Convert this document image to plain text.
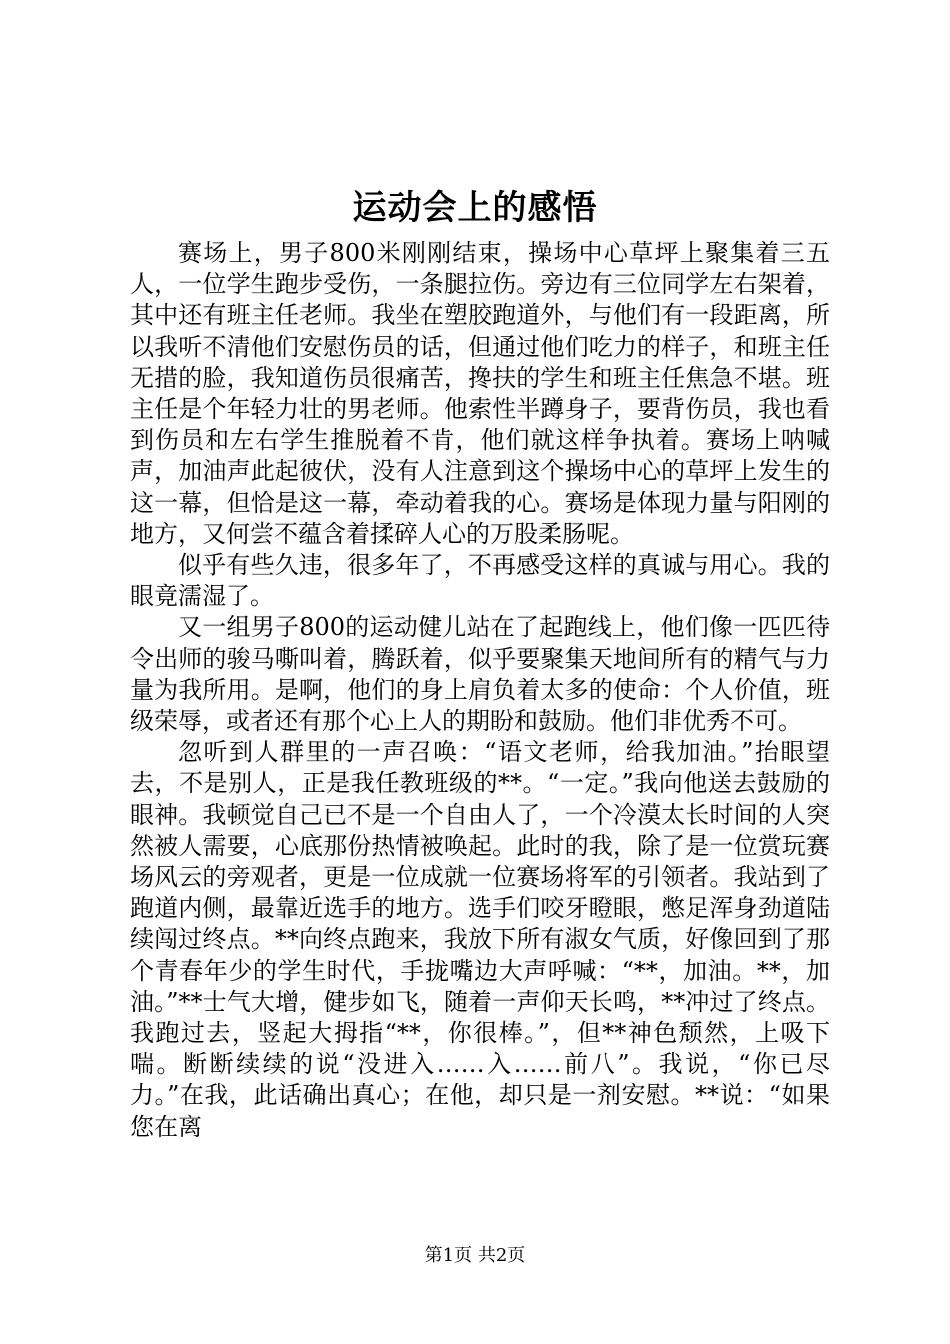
运动会上的感悟

赛场上，男子800米刚刚结束，操场中心草坪上聚集着三五人，一位学生跑步受伤，一条腿拉伤。旁边有三位同学左右架着，其中还有班主任老师。我坐在塑胶跑道外，与他们有一段距离，所以我听不清他们安慰伤员的话，但通过他们吃力的样子，和班主任无措的脸，我知道伤员很痛苦，搀扶的学生和班主任焦急不堪。班主任是个年轻力壮的男老师。他索性半蹲身子，要背伤员，我也看到伤员和左右学生推脱着不肯，他们就这样争执着。赛场上呐喊声，加油声此起彼伏，没有人注意到这个操场中心的草坪上发生的这一幕，但恰是这一幕，牵动着我的心。赛场是体现力量与阳刚的地方，又何尝不蕴含着揉碎人心的万股柔肠呢。

似乎有些久违，很多年了，不再感受这样的真诚与用心。我的眼竟濡湿了。

又一组男子800的运动健儿站在了起跑线上，他们像一匹匹待令出师的骏马嘶叫着，腾跃着，似乎要聚集天地间所有的精气与力量为我所用。是啊，他们的身上肩负着太多的使命：个人价值，班级荣辱，或者还有那个心上人的期盼和鼓励。他们非优秀不可。

忽听到人群里的一声召唤：“语文老师，给我加油。”抬眼望去，不是别人，正是我任教班级的**。“一定。”我向他送去鼓励的眼神。我顿觉自己已不是一个自由人了，一个冷漠太长时间的人突然被人需要，心底那份热情被唤起。此时的我，除了是一位赏玩赛场风云的旁观者，更是一位成就一位赛场将军的引领者。我站到了跑道内侧，最靠近选手的地方。选手们咬牙瞪眼，憋足浑身劲道陆续闯过终点。**向终点跑来，我放下所有淑女气质，好像回到了那个青春年少的学生时代，手拢嘴边大声呼喊：“**，加油。**，加油。”**士气大增，健步如飞，随着一声仰天长鸣，**冲过了终点。我跑过去，竖起大拇指“**，你很棒。”，但**神色颓然，上吸下喘。断断续续的说“没进入……入……前八”。我说，“你已尽力。”在我，此话确出真心；在他，却只是一剂安慰。**说：“如果您在离

第1页 共2页
